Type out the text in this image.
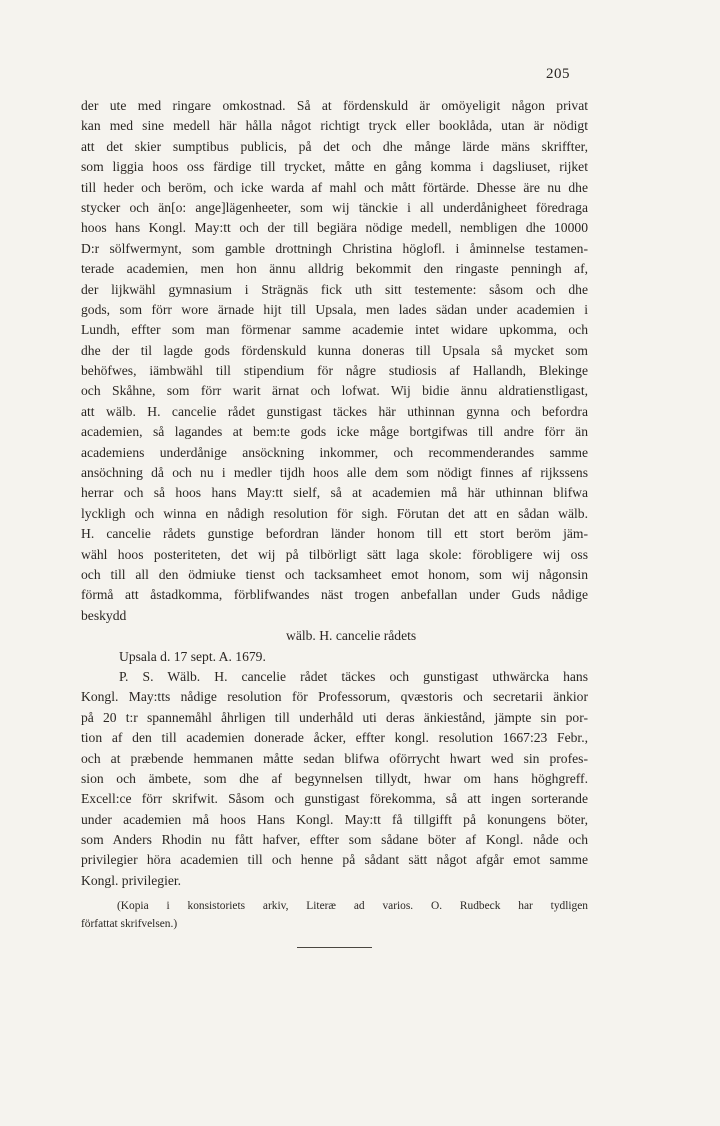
205
der ute med ringare omkostnad. Så at fördenskuld är omöyeligit någon privat
kan med sine medell här hålla något richtigt tryck eller booklåda, utan är nödigt
att det skier sumptibus publicis, på det och dhe månge lärde mäns skriffter,
som liggia hoos oss färdige till trycket, måtte en gång komma i dagsliuset, rijket
till heder och beröm, och icke warda af mahl och mått förtärde. Dhesse äre nu dhe
stycker och än[o: ange]lägenheeter, som wij tänckie i all underdånigheet föredraga
hoos hans Kongl. May:tt och der till begiära nödige medell, nembligen dhe 10000
D:r sölfwermynt, som gamble drottningh Christina höglofl. i åminnelse testamen-
terade academien, men hon ännu alldrig bekommit den ringaste penningh af,
der lijkwähl gymnasium i Strägnäs fick uth sitt testemente: såsom och dhe
gods, som förr wore ärnade hijt till Upsala, men lades sädan under academien i
Lundh, effter som man förmenar samme academie intet widare upkomma, och
dhe der til lagde gods fördenskuld kunna doneras till Upsala så mycket som
behöfwes, iämbwähl till stipendium för någre studiosis af Hallandh, Blekinge
och Skåhne, som förr warit ärnat och lofwat. Wij bidie ännu aldratienstligast,
att wälb. H. cancelie rådet gunstigast täckes här uthinnan gynna och befordra
academien, så lagandes at bem:te gods icke måge bortgifwas till andre förr än
academiens underdånige ansöckning inkommer, och recommenderandes samme
ansöchning då och nu i medler tijdh hoos alle dem som nödigt finnes af rijkssens
herrar och så hoos hans May:tt sielf, så at academien må här uthinnan blifwa
lyckligh och winna en nådigh resolution för sigh. Förutan det att en sådan wälb.
H. cancelie rådets gunstige befordran länder honom till ett stort beröm jäm-
wähl hoos posteriteten, det wij på tilbörligt sätt laga skole: förobligere wij oss
och till all den ödmiuke tienst och tacksamheet emot honom, som wij någonsin
förmå att åstadkomma, förblifwandes näst trogen anbefallan under Guds nådige
beskydd
wälb. H. cancelie rådets
Upsala d. 17 sept. A. 1679.
P. S. Wälb. H. cancelie rådet täckes och gunstigast uthwärcka hans
Kongl. May:tts nådige resolution för Professorum, qvæstoris och secretarii änkior
på 20 t:r spannemåhl åhrligen till underhåld uti deras änkiestånd, jämpte sin por-
tion af den till academien donerade åcker, effter kongl. resolution 1667:23 Febr.,
och at præbende hemmanen måtte sedan blifwa oförrycht hwart wed sin profes-
sion och ämbete, som dhe af begynnelsen tillydt, hwar om hans höghgreff.
Excell:ce förr skrifwit. Såsom och gunstigast förekomma, så att ingen sorterande
under academien må hoos Hans Kongl. May:tt få tillgifft på konungens böter,
som Anders Rhodin nu fått hafver, effter som sådane böter af Kongl. nåde och
privilegier höra academien till och henne på sådant sätt något afgår emot samme
Kongl. privilegier.
(Kopia i konsistoriets arkiv, Literæ ad varios. O. Rudbeck har tydligen
författat skrifvelsen.)
